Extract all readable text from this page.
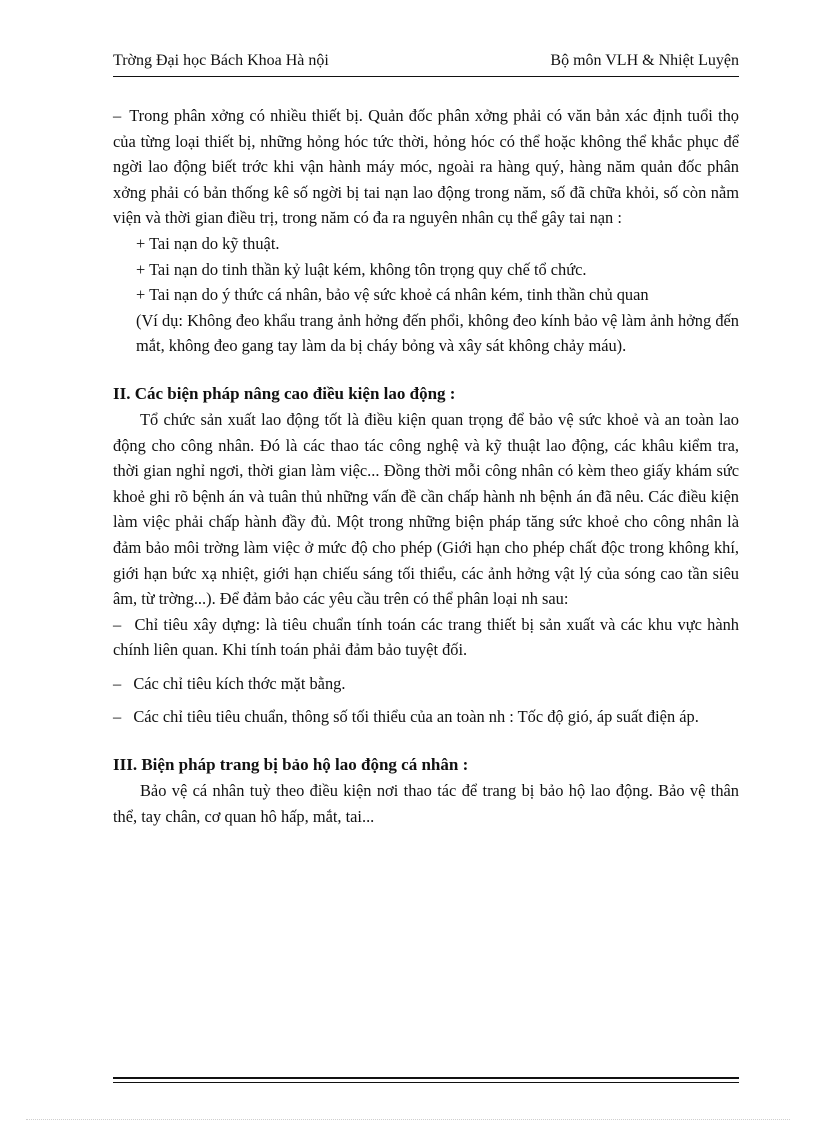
Trờng Đại học Bách Khoa Hà nội	Bộ môn VLH & Nhiệt Luyện

– Trong phân xởng có nhiều thiết bị. Quản đốc phân xởng phải có văn bản xác định tuổi thọ của từng loại thiết bị, những hỏng hóc tức thời, hỏng hóc có thể hoặc không thể khắc phục để ngời lao động biết trớc khi vận hành máy móc, ngoài ra hàng quý, hàng năm quản đốc phân xởng phải có bản thống kê số ngời bị tai nạn lao động trong năm, số đã chữa khỏi, số còn nằm viện và thời gian điều trị, trong năm có đa ra nguyên nhân cụ thể gây tai nạn :

+ Tai nạn do kỹ thuật.

+ Tai nạn do tinh thần kỷ luật kém, không tôn trọng quy chế tổ chức.

+ Tai nạn do ý thức cá nhân, bảo vệ sức khoẻ cá nhân kém, tinh thần chủ quan

(Ví dụ: Không đeo khẩu trang ảnh hởng đến phổi, không đeo kính bảo vệ làm ảnh hởng đến mắt, không đeo gang tay làm da bị cháy bỏng và xây sát không chảy máu).

II. Các biện pháp nâng cao điều kiện lao động :

Tổ chức sản xuất lao động tốt là điều kiện quan trọng để bảo vệ sức khoẻ và an toàn lao động cho công nhân. Đó là các thao tác công nghệ và kỹ thuật lao động, các khâu kiểm tra, thời gian nghỉ ngơi, thời gian làm việc... Đồng thời mỗi công nhân có kèm theo giấy khám sức khoẻ ghi rõ bệnh án và tuân thủ những vấn đề cần chấp hành nh bệnh án đã nêu. Các điều kiện làm việc phải chấp hành đầy đủ. Một trong những biện pháp tăng sức khoẻ cho công nhân là đảm bảo môi trờng làm việc ở mức độ cho phép (Giới hạn cho phép chất độc trong không khí, giới hạn bức xạ nhiệt, giới hạn chiếu sáng tối thiểu, các ảnh hởng vật lý của sóng cao tần siêu âm, từ trờng...). Để đảm bảo các yêu cầu trên có thể phân loại nh sau:

– Chỉ tiêu xây dựng: là tiêu chuẩn tính toán các trang thiết bị sản xuất và các khu vực hành chính liên quan. Khi tính toán phải đảm bảo tuyệt đối.

– Các chỉ tiêu kích thớc mặt bằng.

– Các chỉ tiêu tiêu chuẩn, thông số tối thiểu của an toàn nh : Tốc độ gió, áp suất điện áp.

III. Biện pháp trang bị bảo hộ lao động cá nhân :

Bảo vệ cá nhân tuỳ theo điều kiện nơi thao tác để trang bị bảo hộ lao động. Bảo vệ thân thể, tay chân, cơ quan hô hấp, mắt, tai...
